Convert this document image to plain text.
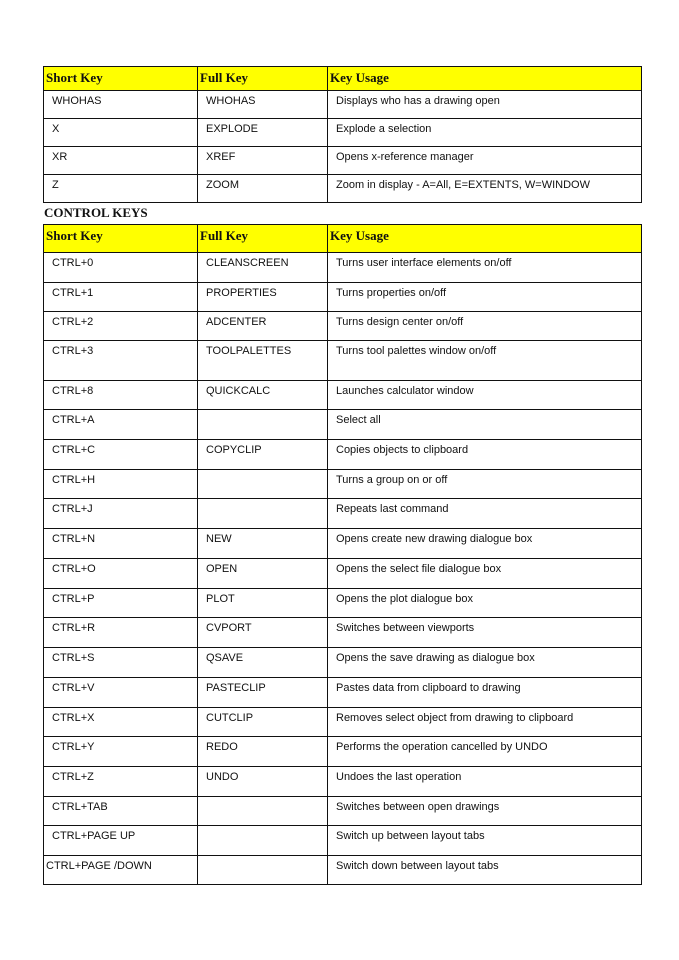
Short Key	Full Key	Key Usage
WHOHAS	WHOHAS	Displays who has a drawing open
X	EXPLODE	Explode a selection
XR	XREF	Opens x-reference manager
Z	ZOOM	Zoom in display - A=All, E=EXTENTS, W=WINDOW
CONTROL KEYS
Short Key	Full Key	Key Usage
CTRL+0	CLEANSCREEN	Turns user interface elements on/off
CTRL+1	PROPERTIES	Turns properties on/off
CTRL+2	ADCENTER	Turns design center on/off
CTRL+3	TOOLPALETTES	Turns tool palettes window on/off
CTRL+8	QUICKCALC	Launches calculator window
CTRL+A		Select all
CTRL+C	COPYCLIP	Copies objects to clipboard
CTRL+H		Turns a group on or off
CTRL+J		Repeats last command
CTRL+N	NEW	Opens create new drawing dialogue box
CTRL+O	OPEN	Opens the select file dialogue box
CTRL+P	PLOT	Opens the plot dialogue box
CTRL+R	CVPORT	Switches between viewports
CTRL+S	QSAVE	Opens the save drawing as dialogue box
CTRL+V	PASTECLIP	Pastes data from clipboard to drawing
CTRL+X	CUTCLIP	Removes select object from drawing to clipboard
CTRL+Y	REDO	Performs the operation cancelled by UNDO
CTRL+Z	UNDO	Undoes the last operation
CTRL+TAB		Switches between open drawings
CTRL+PAGE UP		Switch up between layout tabs
CTRL+PAGE /DOWN		Switch down between layout tabs
